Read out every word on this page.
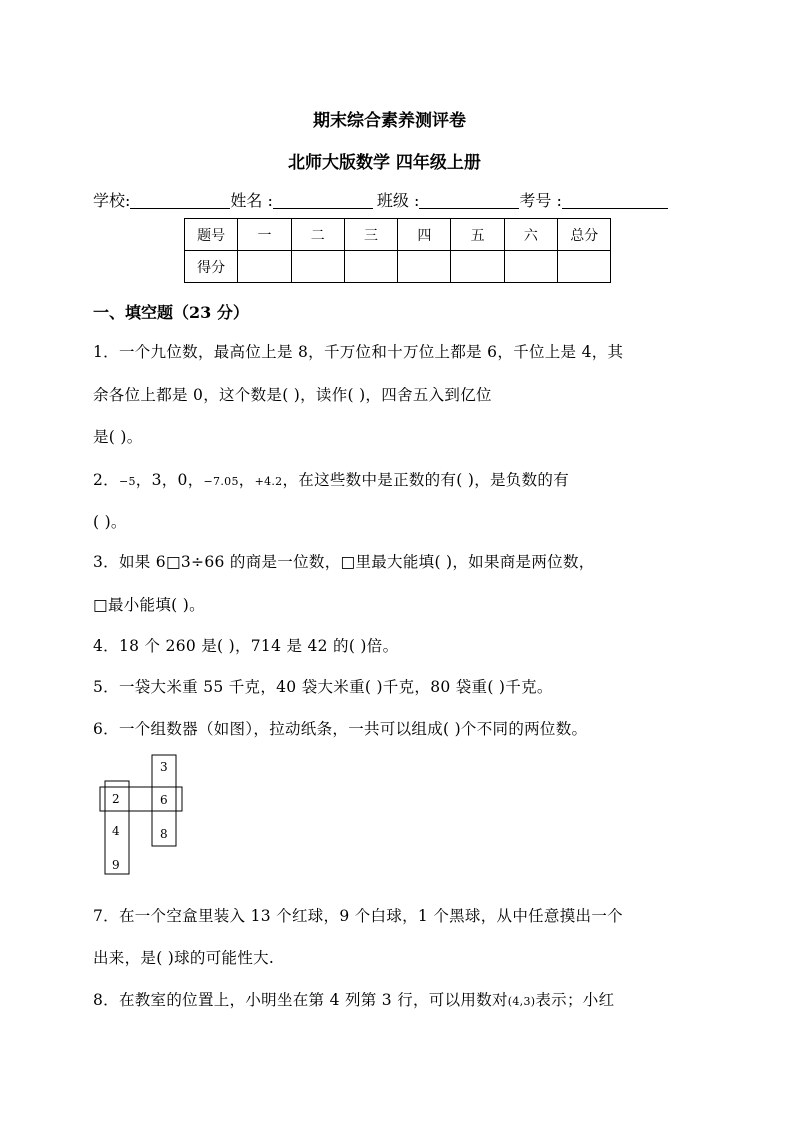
期末综合素养测评卷
北师大版数学 四年级上册
学校:	姓名 :	班级 :	考号 :
题号	一	二	三	四	五	六	总分
得分							
一、填空题（23 分）
1．一个九位数，最高位上是 8，千万位和十万位上都是 6，千位上是 4，其
余各位上都是 0，这个数是( )，读作( )，四舍五入到亿位
是( )。
2．−5，3，0，−7.05，+4.2，在这些数中是正数的有( )，是负数的有
( )。
3．如果 6□3÷66 的商是一位数，□里最大能填( )，如果商是两位数，
□最小能填( )。
4．18 个 260 是( )，714 是 42 的( )倍。
5．一袋大米重 55 千克，40 袋大米重( )千克，80 袋重( )千克。
6．一个组数器（如图），拉动纸条，一共可以组成( )个不同的两位数。
2
4
9
3
6
8
7．在一个空盒里装入 13 个红球，9 个白球，1 个黑球，从中任意摸出一个
出来，是( )球的可能性大.
8．在教室的位置上，小明坐在第 4 列第 3 行，可以用数对(4,3)表示；小红
